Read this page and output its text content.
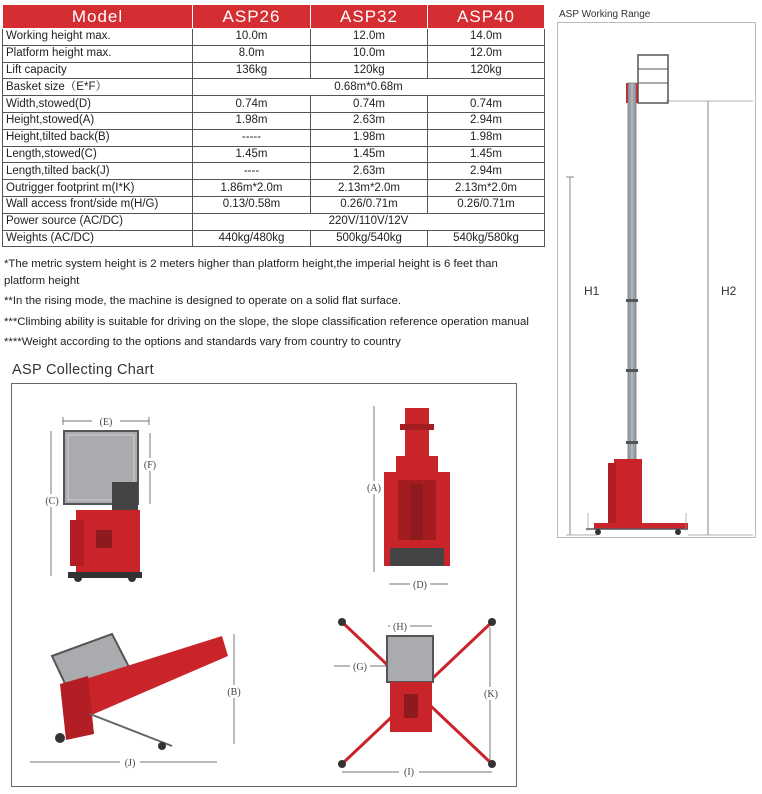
Model	ASP26	ASP32	ASP40
Working height max.	10.0m	12.0m	14.0m
Platform height max.	8.0m	10.0m	12.0m
Lift capacity	136kg	120kg	120kg
Basket size（E*F）	0.68m*0.68m		
Width,stowed(D)	0.74m	0.74m	0.74m
Height,stowed(A)	1.98m	2.63m	2.94m
Height,tilted back(B)	-----	1.98m	1.98m
Length,stowed(C)	1.45m	1.45m	1.45m
Length,tilted back(J)	----	2.63m	2.94m
Outrigger footprint m(I*K)	1.86m*2.0m	2.13m*2.0m	2.13m*2.0m
Wall access front/side m(H/G)	0.13/0.58m	0.26/0.71m	0.26/0.71m
Power source (AC/DC)	220V/110V/12V		
Weights (AC/DC)	440kg/480kg	500kg/540kg	540kg/580kg

*The metric system height is 2 meters higher than platform height,the imperial height is 6 feet than platform height

**In the rising mode, the machine is designed to operate on a solid flat surface.

***Climbing ability is suitable for driving on the slope, the slope classification reference operation manual

****Weight according to the options and standards vary from country to country

ASP Collecting Chart
(E)
(C)
(F)
(A)
(D)
(B)
(J)
(H)
(G)
(K)
(I)
ASP Working Range
H1	H2
